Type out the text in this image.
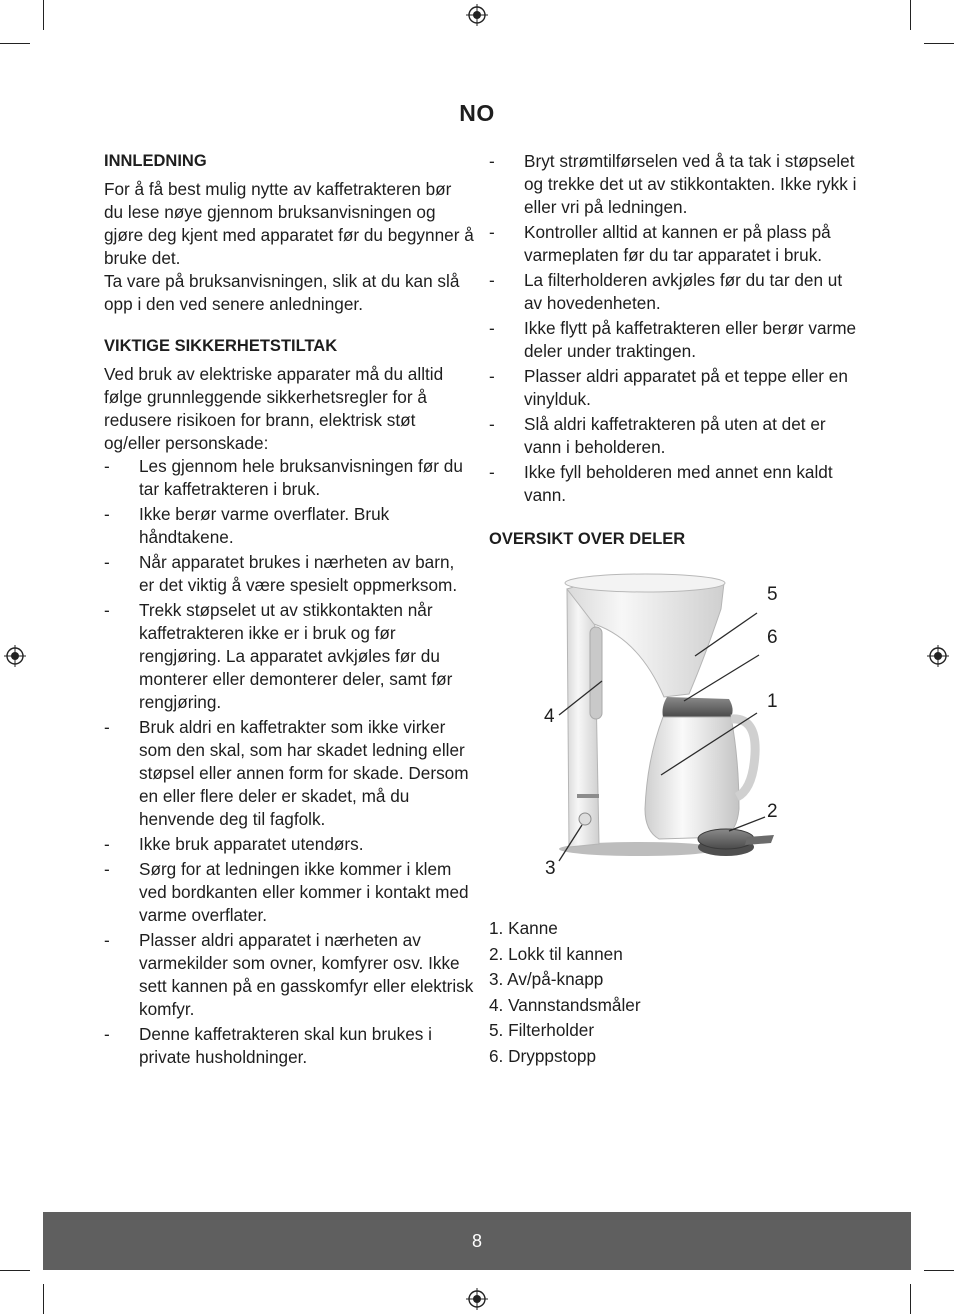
NO
INNLEDNING

For å få best mulig nytte av kaffetrakteren bør du lese nøye gjennom bruksanvisningen og gjøre deg kjent med apparatet før du begynner å bruke det.

Ta vare på bruksanvisningen, slik at du kan slå opp i den ved senere anledninger.

VIKTIGE SIKKERHETSTILTAK

Ved bruk av elektriske apparater må du alltid følge grunnleggende sikkerhetsregler for å redusere risikoen for brann, elektrisk støt og/eller personskade:

- Les gjennom hele bruksanvisningen før du tar kaffetrakteren i bruk.
- Ikke berør varme overflater. Bruk håndtakene.
- Når apparatet brukes i nærheten av barn, er det viktig å være spesielt oppmerksom.
- Trekk støpselet ut av stikkontakten når kaffetrakteren ikke er i bruk og før rengjøring. La apparatet avkjøles før du monterer eller demonterer deler, samt før rengjøring.
- Bruk aldri en kaffetrakter som ikke virker som den skal, som har skadet ledning eller støpsel eller annen form for skade. Dersom en eller flere deler er skadet, må du henvende deg til fagfolk.
- Ikke bruk apparatet utendørs.
- Sørg for at ledningen ikke kommer i klem ved bordkanten eller kommer i kontakt med varme overflater.
- Plasser aldri apparatet i nærheten av varmekilder som ovner, komfyrer osv. Ikke sett kannen på en gasskomfyr eller elektrisk komfyr.
- Denne kaffetrakteren skal kun brukes i private husholdninger.
- Bryt strømtilførselen ved å ta tak i støpselet og trekke det ut av stikkontakten. Ikke rykk i eller vri på ledningen.
- Kontroller alltid at kannen er på plass på varmeplaten før du tar apparatet i bruk.
- La filterholderen avkjøles før du tar den ut av hovedenheten.
- Ikke flytt på kaffetrakteren eller berør varme deler under traktingen.
- Plasser aldri apparatet på et teppe eller en vinylduk.
- Slå aldri kaffetrakteren på uten at det er vann i beholderen.
- Ikke fyll beholderen med annet enn kaldt vann.
OVERSIKT OVER DELER
5
6
1
4
2
3
1. Kanne
2. Lokk til kannen
3. Av/på-knapp
4. Vannstandsmåler
5. Filterholder
6. Dryppstopp
8
